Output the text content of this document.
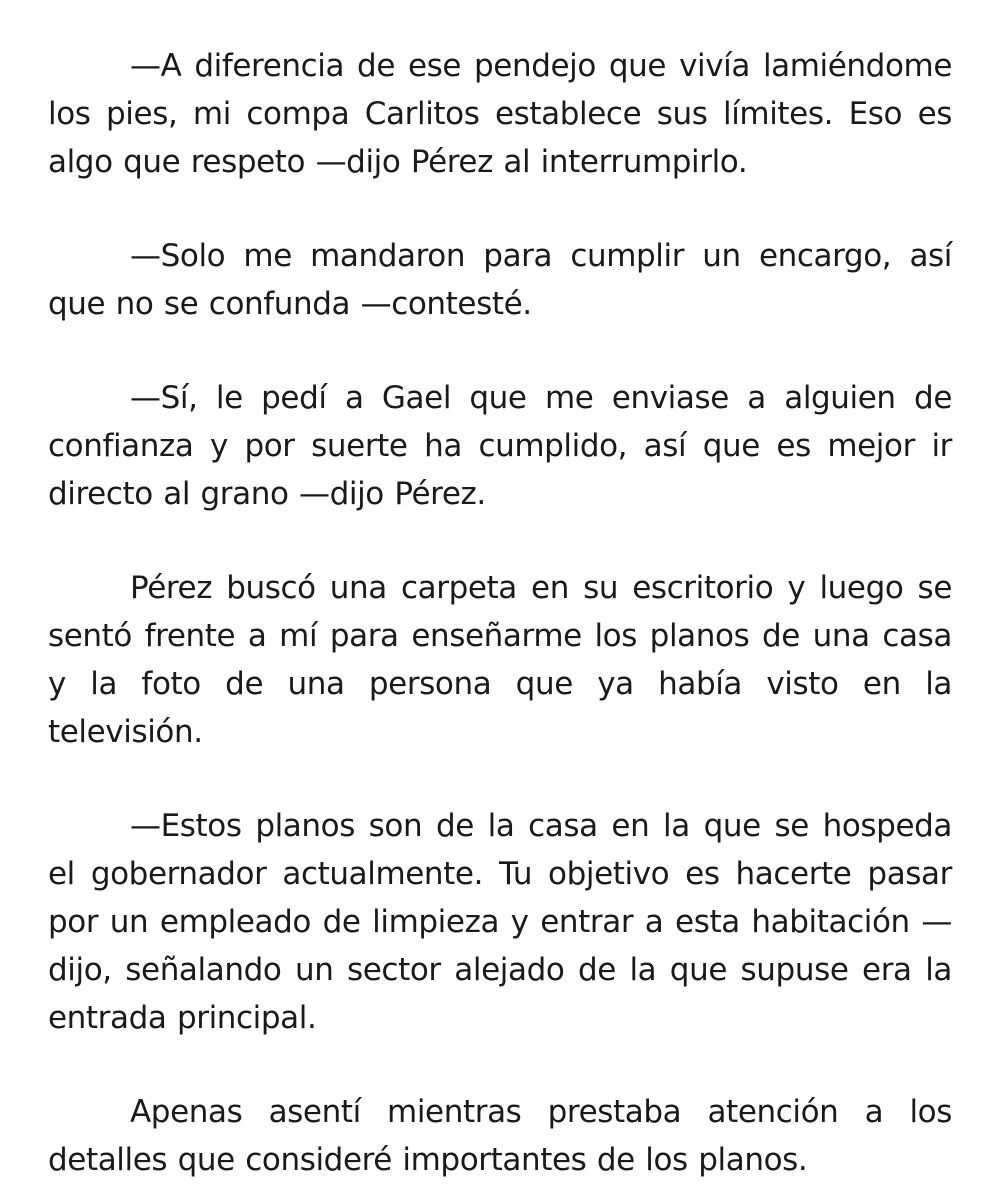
—A diferencia de ese pendejo que vivía lamiéndome los pies, mi compa Carlitos establece sus límites. Eso es algo que respeto —dijo Pérez al interrumpirlo.

—Solo me mandaron para cumplir un encargo, así que no se confunda —contesté.

—Sí, le pedí a Gael que me enviase a alguien de confianza y por suerte ha cumplido, así que es mejor ir directo al grano —dijo Pérez.

Pérez buscó una carpeta en su escritorio y luego se sentó frente a mí para enseñarme los planos de una casa y la foto de una persona que ya había visto en la televisión.

—Estos planos son de la casa en la que se hospeda el gobernador actualmente. Tu objetivo es hacerte pasar por un empleado de limpieza y entrar a esta habitación —dijo, señalando un sector alejado de la que supuse era la entrada principal.

Apenas asentí mientras prestaba atención a los detalles que consideré importantes de los planos.
